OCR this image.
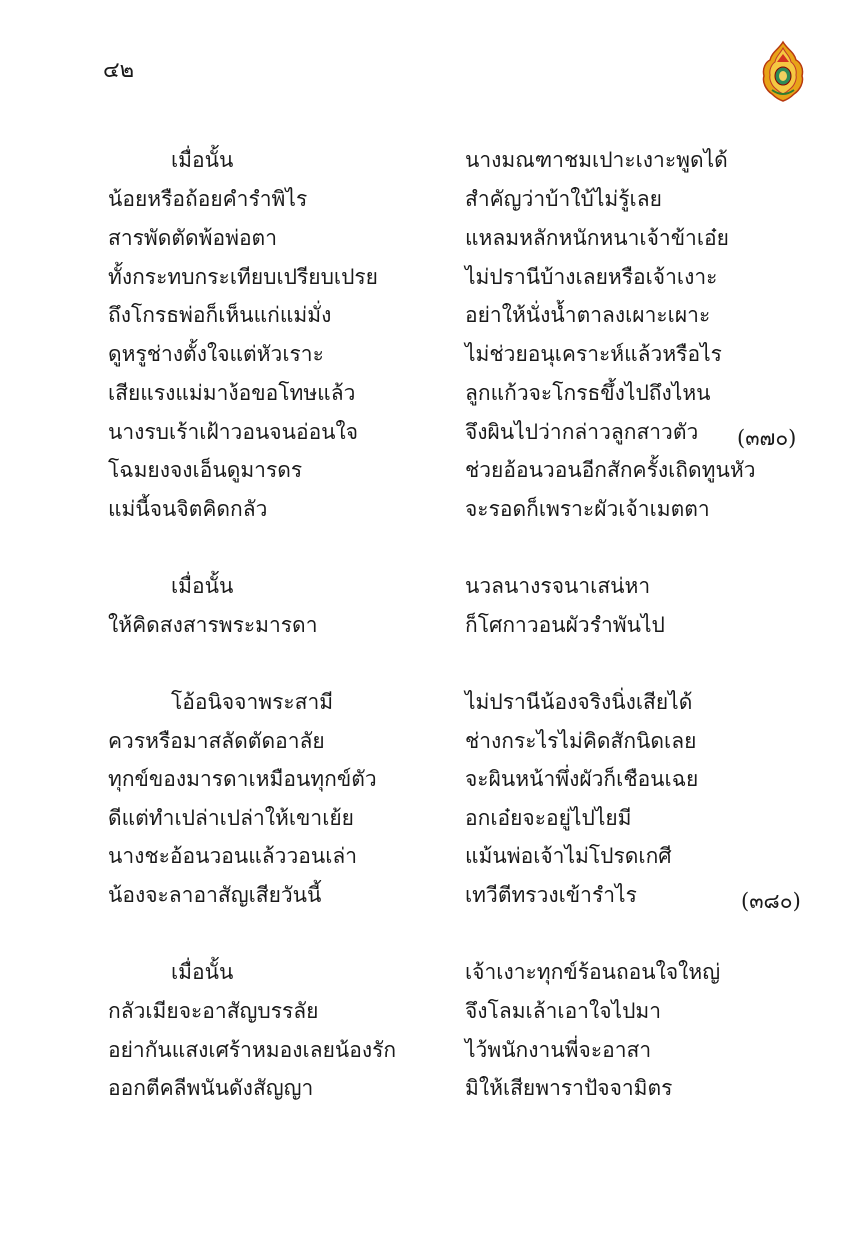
๔๒
เมื่อนั้น	นางมณฑาชมเปาะเงาะพูดได้
น้อยหรือถ้อยคำรำพิไร	สำคัญว่าบ้าใบ้ไม่รู้เลย
สารพัดตัดพ้อพ่อตา	แหลมหลักหนักหนาเจ้าข้าเอ๋ย
ทั้งกระทบกระเทียบเปรียบเปรย	ไม่ปรานีบ้างเลยหรือเจ้าเงาะ
ถึงโกรธพ่อก็เห็นแก่แม่มั่ง	อย่าให้นั่งน้ำตาลงเผาะเผาะ
ดูหรูช่างตั้งใจแต่หัวเราะ	ไม่ช่วยอนุเคราะห์แล้วหรือไร
เสียแรงแม่มาง้อขอโทษแล้ว	ลูกแก้วจะโกรธขึ้งไปถึงไหน
นางรบเร้าเฝ้าวอนจนอ่อนใจ	จึงผินไปว่ากล่าวลูกสาวตัว (๓๗๐)
โฉมยงจงเอ็นดูมารดร	ช่วยอ้อนวอนอีกสักครั้งเถิดทูนหัว
แม่นี้จนจิตคิดกลัว	จะรอดก็เพราะผัวเจ้าเมตตา
เมื่อนั้น	นวลนางรจนาเสน่หา
ให้คิดสงสารพระมารดา	ก็โศกาวอนผัวรำพันไป
โอ้อนิจจาพระสามี	ไม่ปรานีน้องจริงนิ่งเสียได้
ควรหรือมาสลัดตัดอาลัย	ช่างกระไรไม่คิดสักนิดเลย
ทุกข์ของมารดาเหมือนทุกข์ตัว	จะผินหน้าพึ่งผัวก็เชือนเฉย
ดีแต่ทำเปล่าเปล่าให้เขาเย้ย	อกเอ๋ยจะอยู่ไปไยมี
นางชะอ้อนวอนแล้ววอนเล่า	แม้นพ่อเจ้าไม่โปรดเกศี
น้องจะลาอาสัญเสียวันนี้	เทวีตีทรวงเข้ารำไร	(๓๘๐)
เมื่อนั้น	เจ้าเงาะทุกข์ร้อนถอนใจใหญ่
กลัวเมียจะอาสัญบรรลัย	จึงโลมเล้าเอาใจไปมา
อย่ากันแสงเศร้าหมองเลยน้องรัก	ไว้พนักงานพี่จะอาสา
ออกตีคลีพนันดังสัญญา	มิให้เสียพาราปัจจามิตร
